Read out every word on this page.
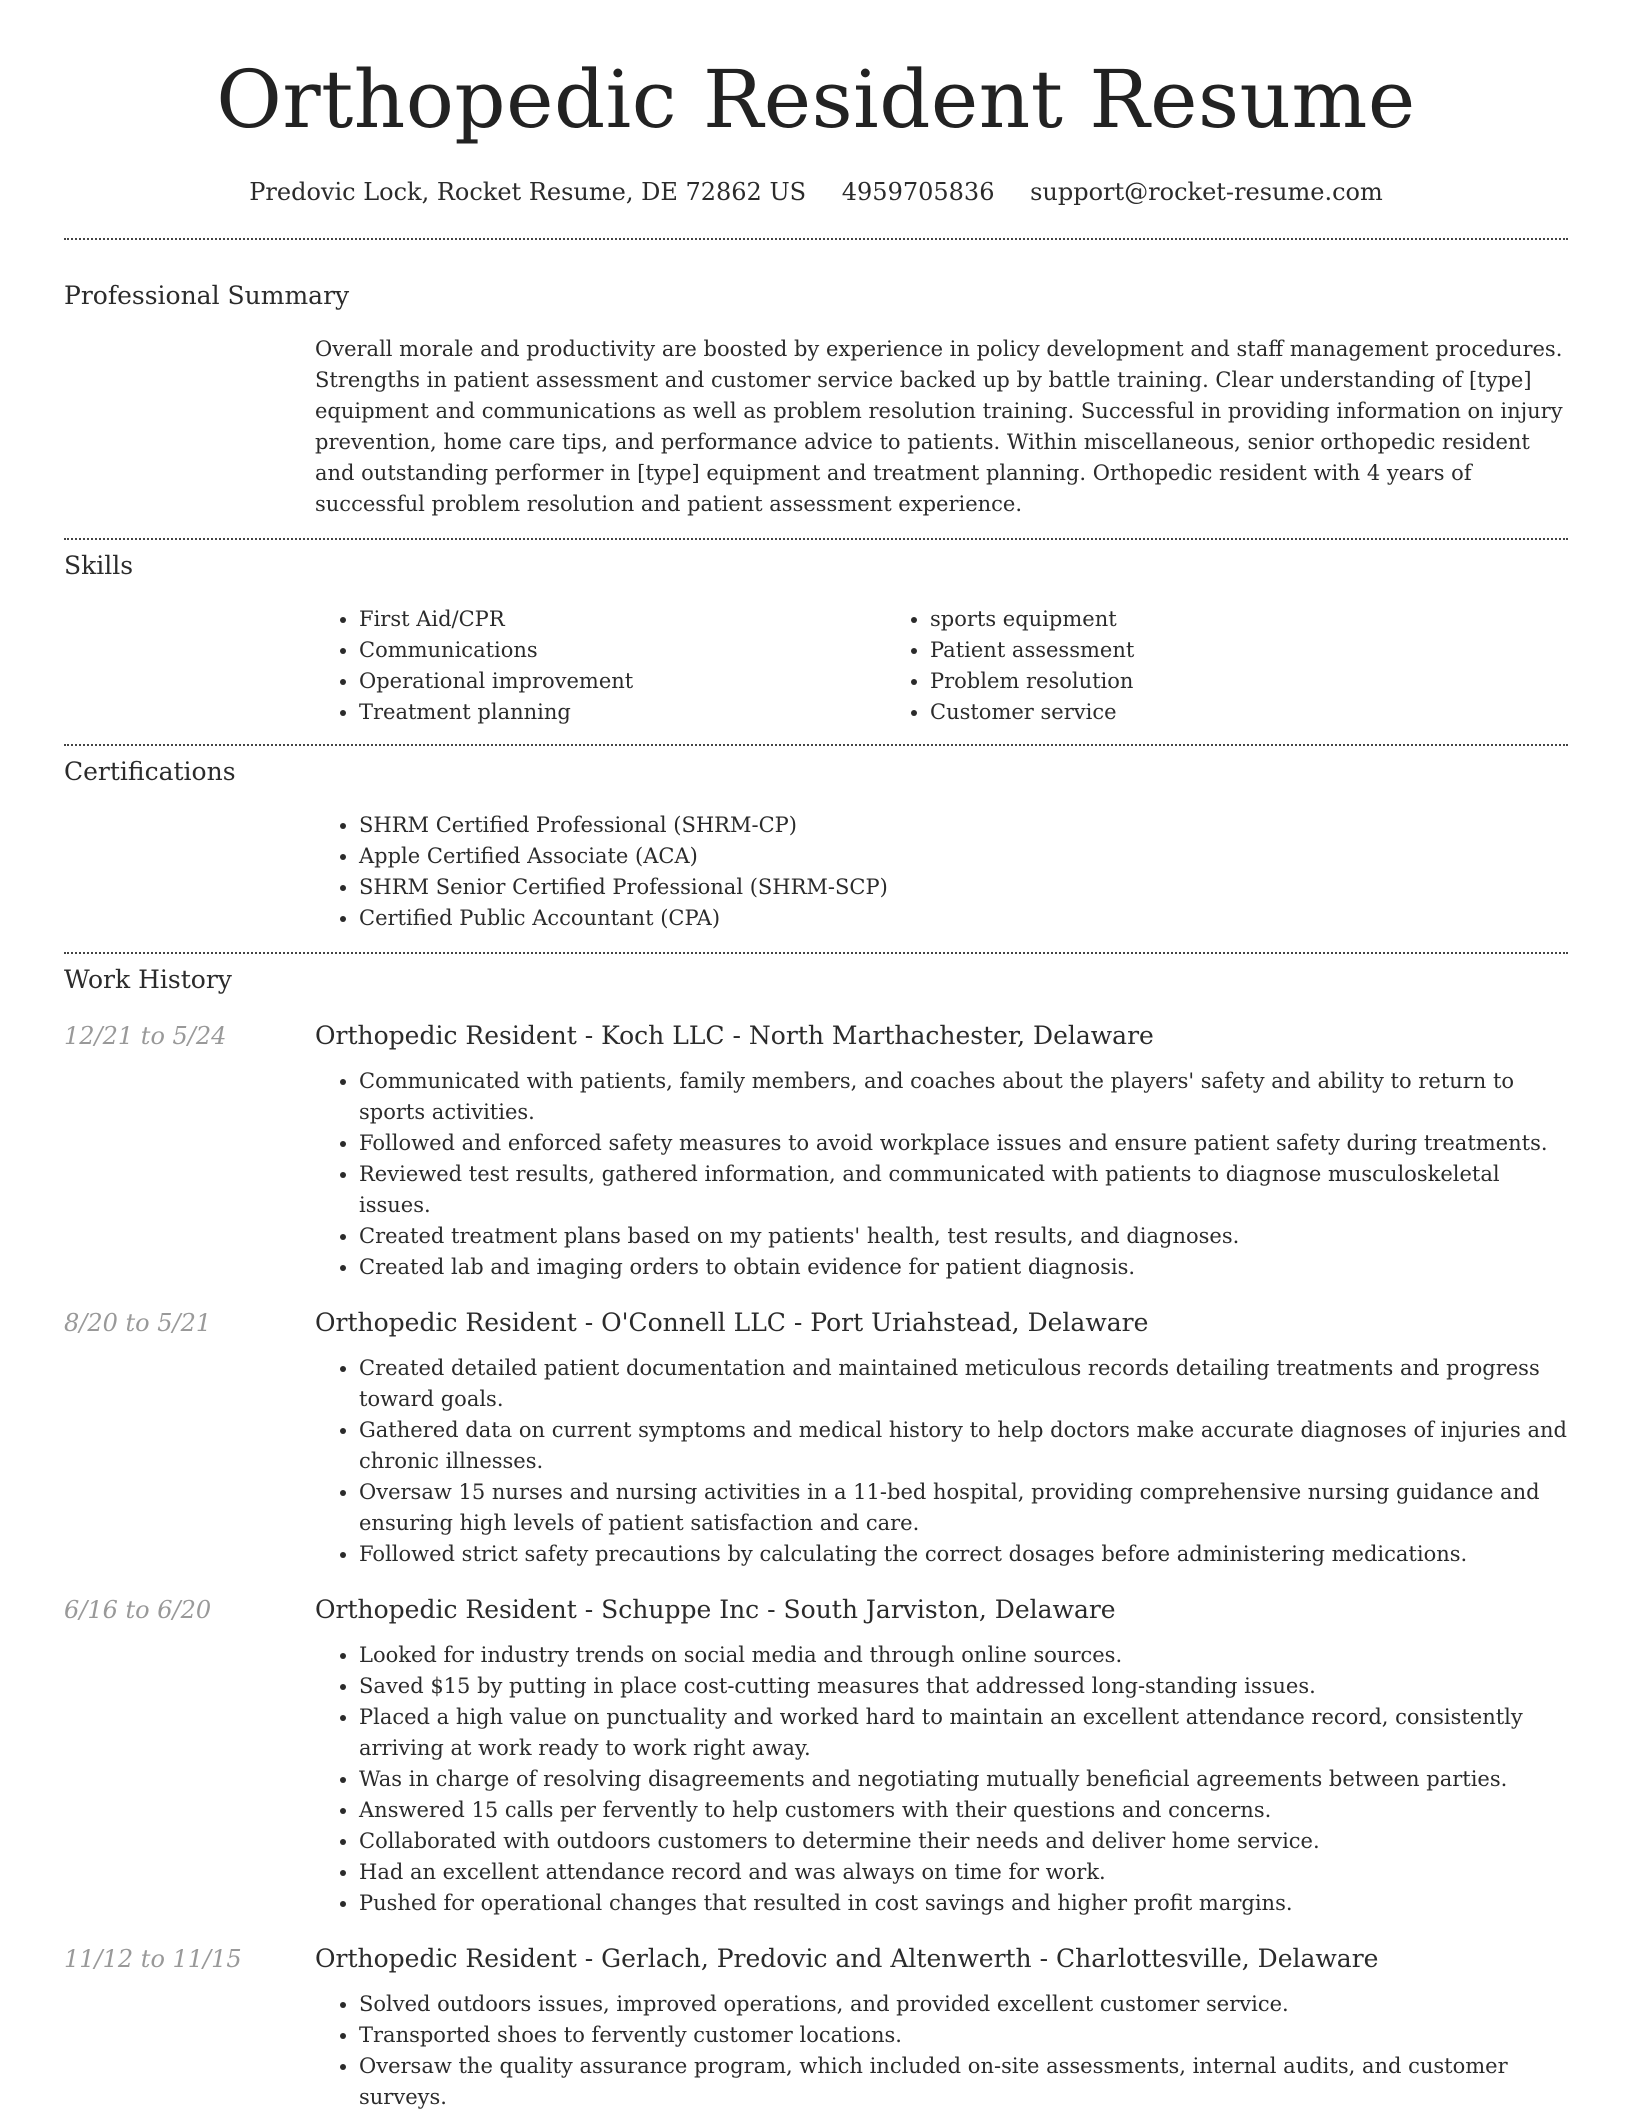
Orthopedic Resident Resume
Predovic Lock, Rocket Resume, DE 72862 US 4959705836 support@rocket-resume.com
Professional Summary
Overall morale and productivity are boosted by experience in policy development and staff management procedures. Strengths in patient assessment and customer service backed up by battle training. Clear understanding of [type] equipment and communications as well as problem resolution training. Successful in providing information on injury prevention, home care tips, and performance advice to patients. Within miscellaneous, senior orthopedic resident and outstanding performer in [type] equipment and treatment planning. Orthopedic resident with 4 years of successful problem resolution and patient assessment experience.
Skills
• First Aid/CPR
• Communications
• Operational improvement
• Treatment planning
• sports equipment
• Patient assessment
• Problem resolution
• Customer service
Certifications
• SHRM Certified Professional (SHRM-CP)
• Apple Certified Associate (ACA)
• SHRM Senior Certified Professional (SHRM-SCP)
• Certified Public Accountant (CPA)
Work History
12/21 to 5/24	Orthopedic Resident - Koch LLC - North Marthachester, Delaware
• Communicated with patients, family members, and coaches about the players' safety and ability to return to sports activities.
• Followed and enforced safety measures to avoid workplace issues and ensure patient safety during treatments.
• Reviewed test results, gathered information, and communicated with patients to diagnose musculoskeletal issues.
• Created treatment plans based on my patients' health, test results, and diagnoses.
• Created lab and imaging orders to obtain evidence for patient diagnosis.
8/20 to 5/21	Orthopedic Resident - O'Connell LLC - Port Uriahstead, Delaware
• Created detailed patient documentation and maintained meticulous records detailing treatments and progress toward goals.
• Gathered data on current symptoms and medical history to help doctors make accurate diagnoses of injuries and chronic illnesses.
• Oversaw 15 nurses and nursing activities in a 11-bed hospital, providing comprehensive nursing guidance and ensuring high levels of patient satisfaction and care.
• Followed strict safety precautions by calculating the correct dosages before administering medications.
6/16 to 6/20	Orthopedic Resident - Schuppe Inc - South Jarviston, Delaware
• Looked for industry trends on social media and through online sources.
• Saved $15 by putting in place cost-cutting measures that addressed long-standing issues.
• Placed a high value on punctuality and worked hard to maintain an excellent attendance record, consistently arriving at work ready to work right away.
• Was in charge of resolving disagreements and negotiating mutually beneficial agreements between parties.
• Answered 15 calls per fervently to help customers with their questions and concerns.
• Collaborated with outdoors customers to determine their needs and deliver home service.
• Had an excellent attendance record and was always on time for work.
• Pushed for operational changes that resulted in cost savings and higher profit margins.
11/12 to 11/15	Orthopedic Resident - Gerlach, Predovic and Altenwerth - Charlottesville, Delaware
• Solved outdoors issues, improved operations, and provided excellent customer service.
• Transported shoes to fervently customer locations.
• Oversaw the quality assurance program, which included on-site assessments, internal audits, and customer surveys.
